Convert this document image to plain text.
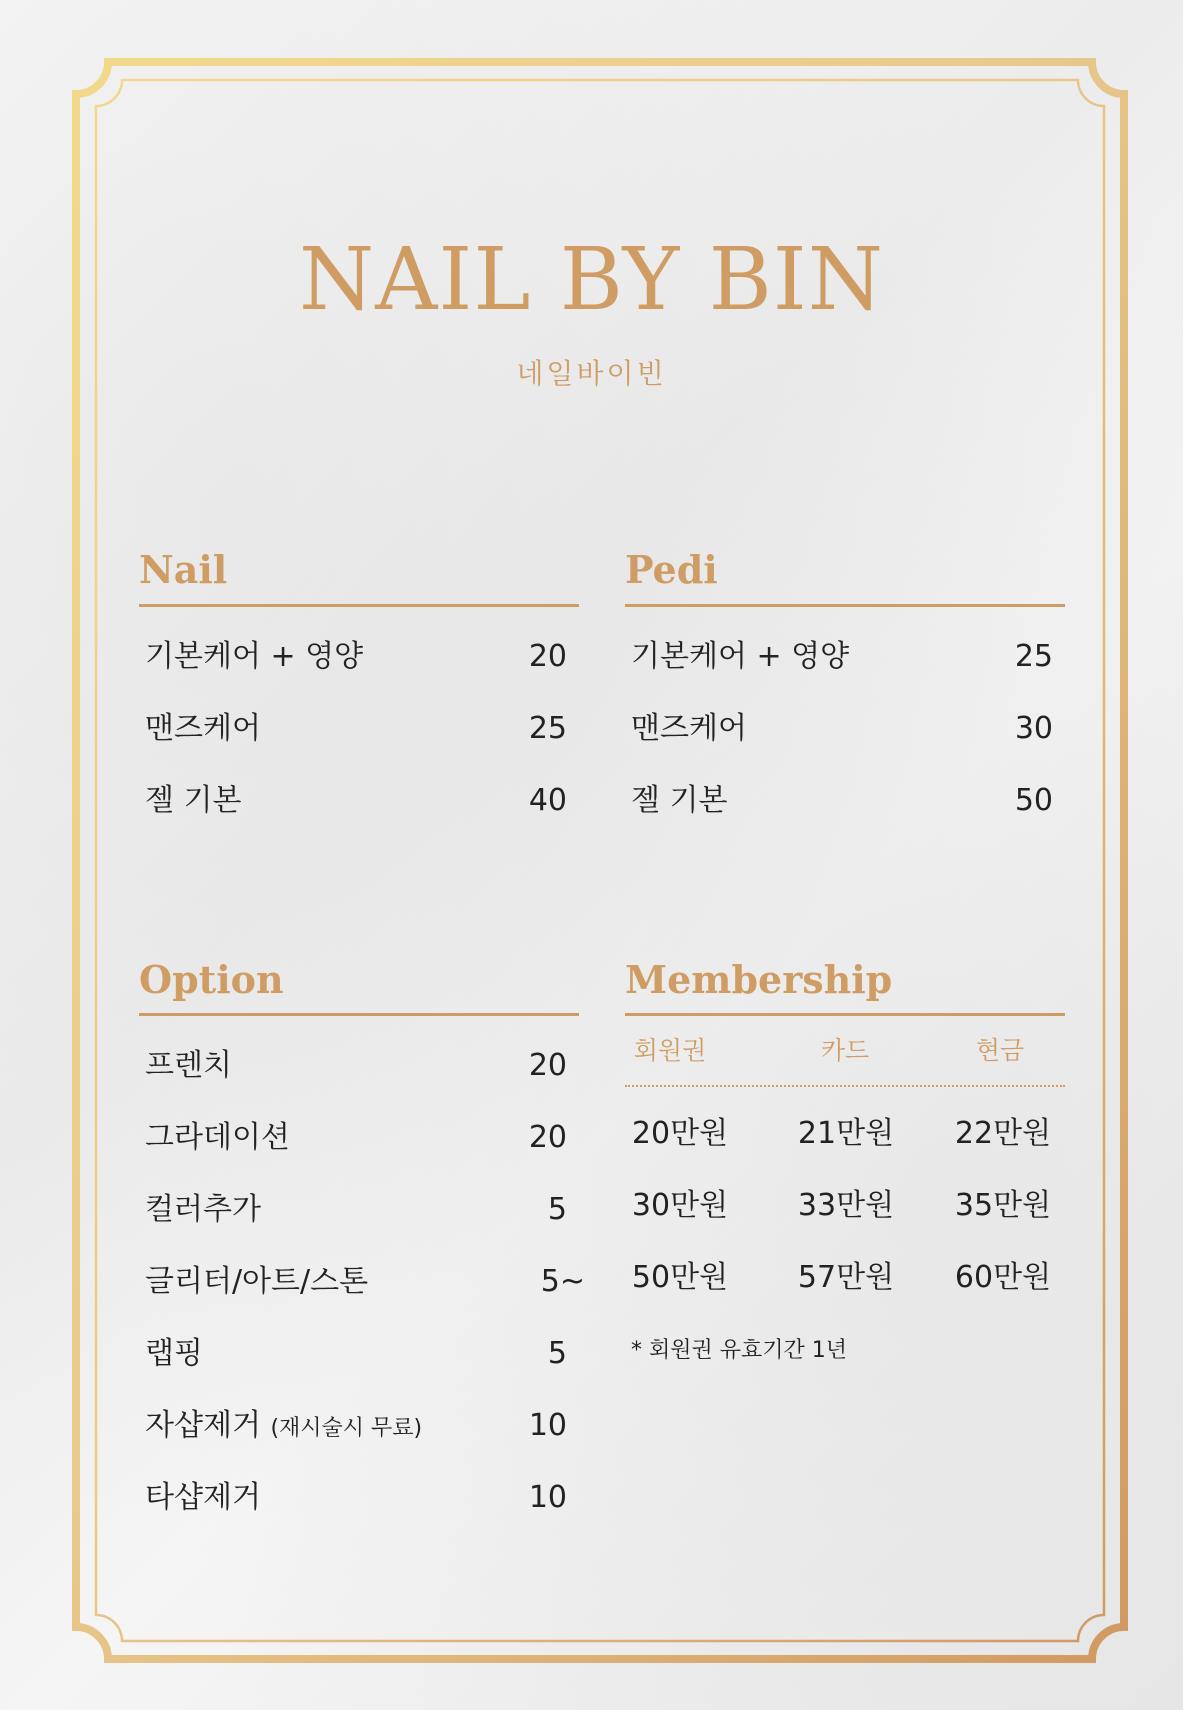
NAIL BY BIN
네일바이빈
Nail
기본케어 + 영양	20
맨즈케어	25
젤 기본	40
Pedi
기본케어 + 영양	25
맨즈케어	30
젤 기본	50
Option
프렌치	20
그라데이션	20
컬러추가	5
글리터/아트/스톤	5~
랩핑	5
자샵제거 (재시술시 무료)	10
타샵제거	10
Membership
회원권	카드	현금
20만원	21만원	22만원
30만원	33만원	35만원
50만원	57만원	60만원
* 회원권 유효기간 1년
